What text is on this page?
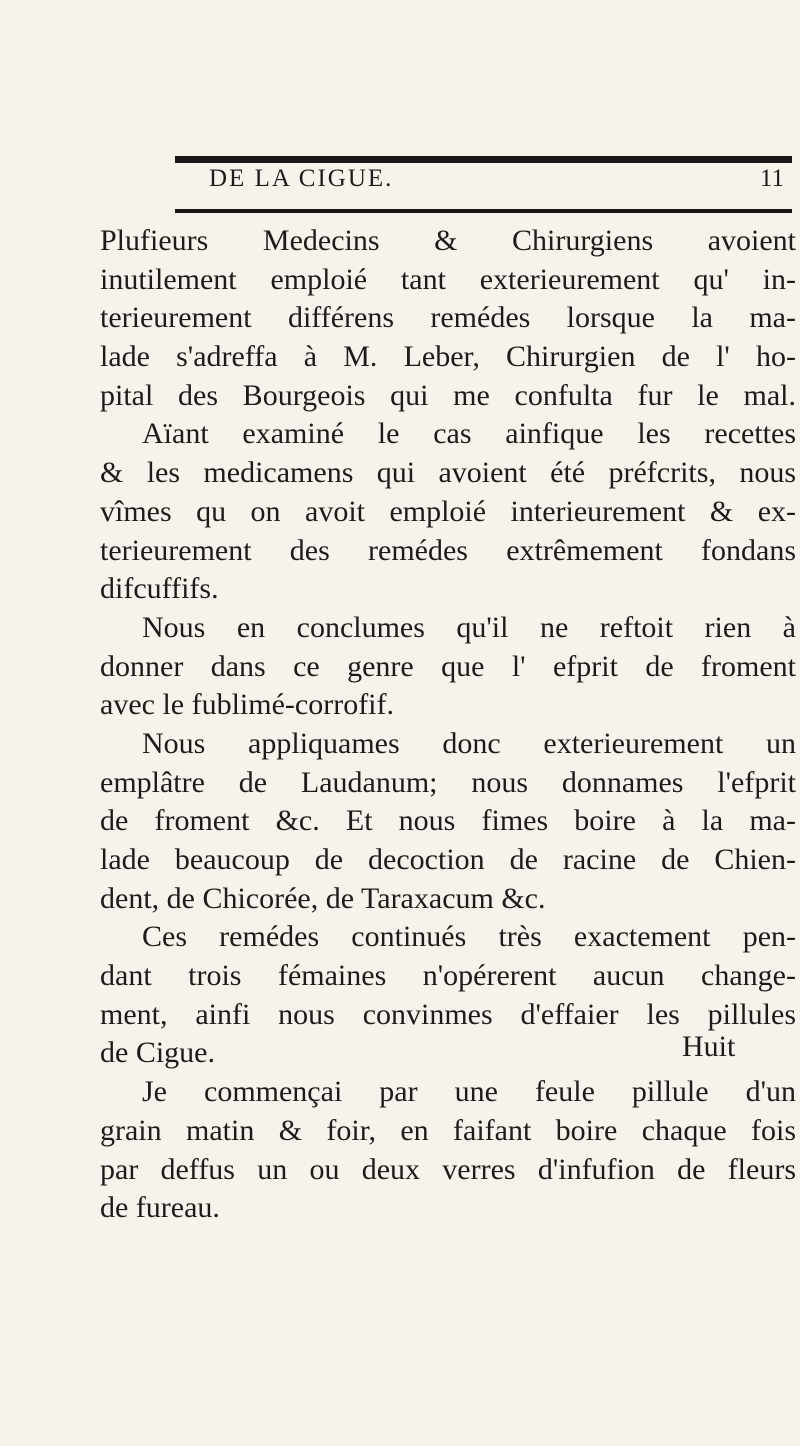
DE LA CIGUE.	11
Plufieurs Medecins & Chirurgiens avoient
inutilement emploié tant exterieurement qu' in-
terieurement différens remédes lorsque la ma-
lade s'adreffa à M. Leber, Chirurgien de l' ho-
pital des Bourgeois qui me confulta fur le mal.
Aïant examiné le cas ainfique les recettes
& les medicamens qui avoient été préfcrits, nous
vîmes qu on avoit emploié interieurement & ex-
terieurement des remédes extrêmement fondans
difcuffifs.
Nous en conclumes qu'il ne reftoit rien à
donner dans ce genre que l' efprit de froment
avec le fublimé-corrofif.
Nous appliquames donc exterieurement un
emplâtre de Laudanum; nous donnames l'efprit
de froment &c. Et nous fimes boire à la ma-
lade beaucoup de decoction de racine de Chien-
dent, de Chicorée, de Taraxacum &c.
Ces remédes continués très exactement pen-
dant trois fémaines n'opérerent aucun change-
ment, ainfi nous convinmes d'effaier les pillules
de Cigue.
Je commençai par une feule pillule d'un
grain matin & foir, en faifant boire chaque fois
par deffus un ou deux verres d'infufion de fleurs
de fureau.
Huit
